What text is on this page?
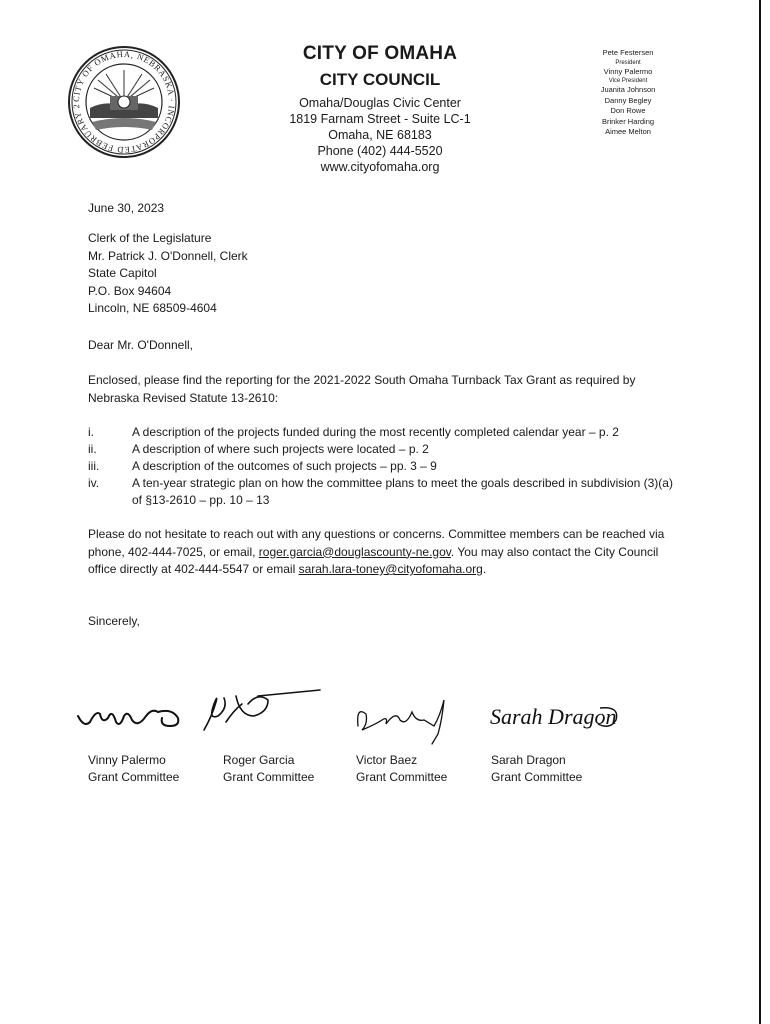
CITY OF OMAHA, NEBRASKA · INCORPORATED FEBRUARY 2
CITY OF OMAHA
CITY COUNCIL
Omaha/Douglas Civic Center
1819 Farnam Street - Suite LC-1
Omaha, NE 68183
Phone (402) 444-5520
www.cityofomaha.org
Pete Festersen
President
Vinny Palermo
Vice President
Juanita Johnson
Danny Begley
Don Rowe
Brinker Harding
Aimee Melton
June 30, 2023
Clerk of the Legislature
Mr. Patrick J. O'Donnell, Clerk
State Capitol
P.O. Box 94604
Lincoln, NE 68509-4604
Dear Mr. O'Donnell,
Enclosed, please find the reporting for the 2021-2022 South Omaha Turnback Tax Grant as required by Nebraska Revised Statute 13-2610:
i.	A description of the projects funded during the most recently completed calendar year – p. 2
ii.	A description of where such projects were located – p. 2
iii.	A description of the outcomes of such projects – pp. 3 – 9
iv.	A ten-year strategic plan on how the committee plans to meet the goals described in subdivision (3)(a) of §13-2610 – pp. 10 – 13
Please do not hesitate to reach out with any questions or concerns. Committee members can be reached via phone, 402-444-7025, or email, roger.garcia@douglascounty-ne.gov. You may also contact the City Council office directly at 402-444-5547 or email sarah.lara-toney@cityofomaha.org.
Sincerely,
Sarah Dragon
Vinny Palermo
Grant Committee
Roger Garcia
Grant Committee
Victor Baez
Grant Committee
Sarah Dragon
Grant Committee
